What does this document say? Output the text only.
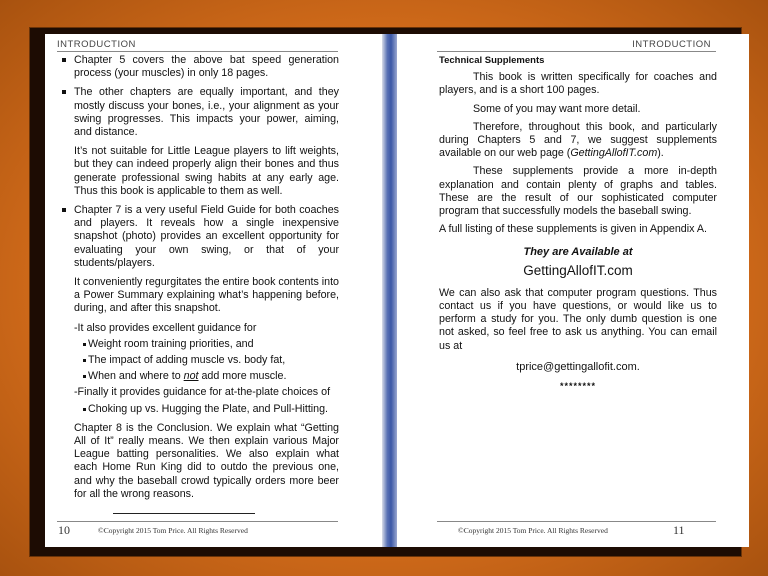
INTRODUCTION

Chapter 5 covers the above bat speed generation process (your muscles) in only 18 pages.

The other chapters are equally important, and they mostly discuss your bones, i.e., your alignment as your swing progresses. This impacts your power, aiming, and distance.

It’s not suitable for Little League players to lift weights, but they can indeed properly align their bones and thus generate professional swing habits at any early age. Thus this book is applicable to them as well.

Chapter 7 is a very useful Field Guide for both coaches and players. It reveals how a single inexpensive snapshot (photo) provides an excellent opportunity for evaluating your own swing, or that of your students/players.

It conveniently regurgitates the entire book contents into a Power Summary explaining what’s happening before, during, and after this snapshot.

-It also provides excellent guidance for

Weight room training priorities, and

The impact of adding muscle vs. body fat,

When and where to not add more muscle.

-Finally it provides guidance for at-the-plate choices of

Choking up vs. Hugging the Plate, and Pull-Hitting.

Chapter 8 is the Conclusion. We explain what “Getting All of It” really means. We then explain various Major League batting personalities. We also explain what each Home Run King did to outdo the previous one, and why the baseball crowd typically orders more beer for all the wrong reasons.

10	©Copyright 2015 Tom Price. All Rights Reserved
INTRODUCTION

Technical Supplements

This book is written specifically for coaches and players, and is a short 100 pages.

Some of you may want more detail.

Therefore, throughout this book, and particularly during Chapters 5 and 7, we suggest supplements available on our web page (GettingAllofIT.com).

These supplements provide a more in-depth explanation and contain plenty of graphs and tables. These are the result of our sophisticated computer program that successfully models the baseball swing.

A full listing of these supplements is given in Appendix A.

They are Available at

GettingAllofIT.com

We can also ask that computer program questions. Thus contact us if you have questions, or would like us to perform a study for you. The only dumb question is one not asked, so feel free to ask us anything. You can email us at

tprice@gettingallofit.com.

********

©Copyright 2015 Tom Price. All Rights Reserved	11
